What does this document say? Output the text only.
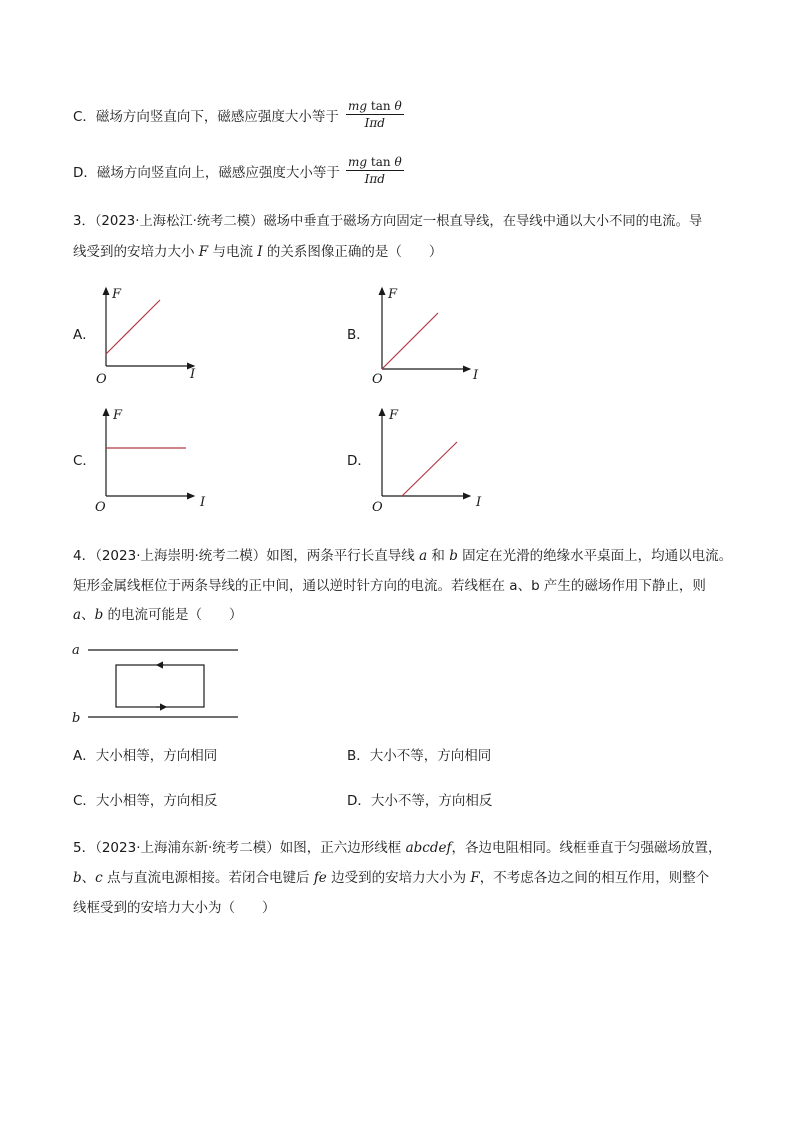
C．磁场方向竖直向下，磁感应强度大小等于
mg tan θ
Iπd
D．磁场方向竖直向上，磁感应强度大小等于
mg tan θ
Iπd
3．（2023·上海松江·统考二模）磁场中垂直于磁场方向固定一根直导线，在导线中通以大小不同的电流。导
线受到的安培力大小 F 与电流 I 的关系图像正确的是（　　）
A．
F
I
O
B．
F
I
O
C．
F
I
O
D．
F
I
O
4．（2023·上海崇明·统考二模）如图，两条平行长直导线 a 和 b 固定在光滑的绝缘水平桌面上，均通以电流。
矩形金属线框位于两条导线的正中间，通以逆时针方向的电流。若线框在 a、b 产生的磁场作用下静止，则
a、b 的电流可能是（　　）
a
b
A．大小相等，方向相同	B．大小不等，方向相同
C．大小相等，方向相反	D．大小不等，方向相反
5．（2023·上海浦东新·统考二模）如图，正六边形线框 abcdef，各边电阻相同。线框垂直于匀强磁场放置，
b、c 点与直流电源相接。若闭合电键后 fe 边受到的安培力大小为 F，不考虑各边之间的相互作用，则整个
线框受到的安培力大小为（　　）
